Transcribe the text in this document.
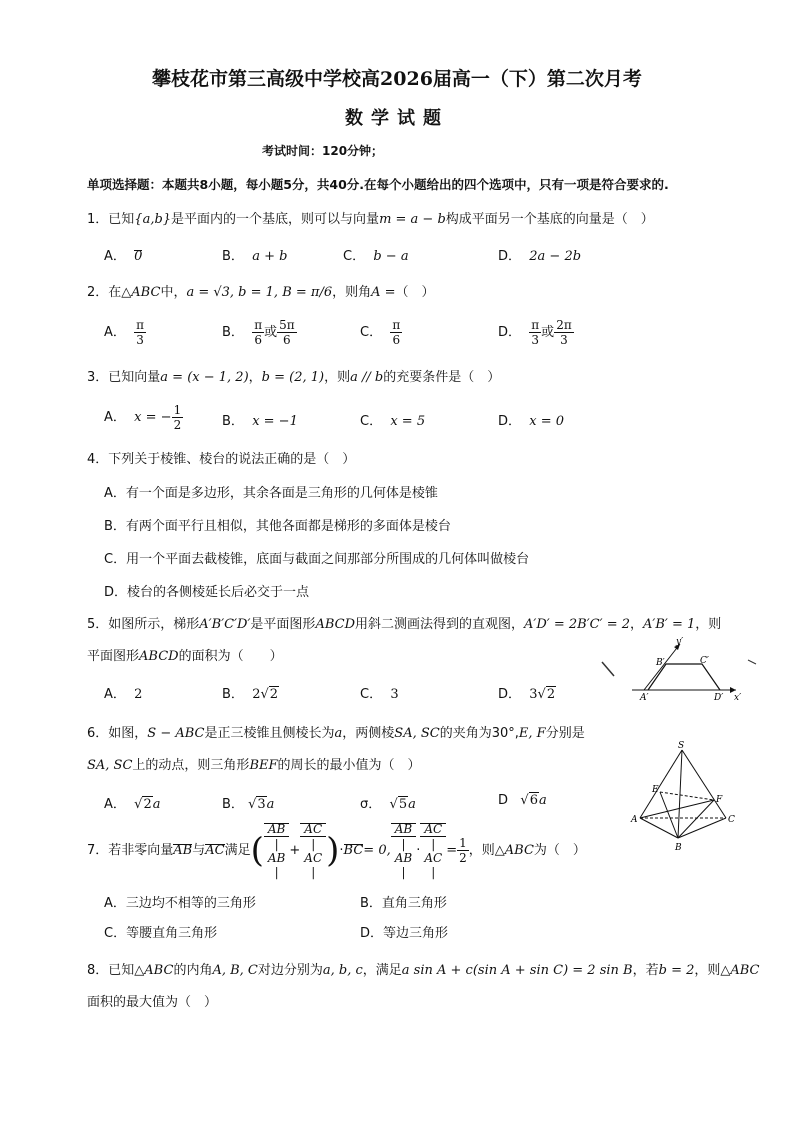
攀枝花市第三高级中学校高2026届高一（下）第二次月考
数学试题
考试时间：120分钟；
单项选择题：本题共8小题，每小题5分，共40分.在每个小题给出的四个选项中，只有一项是符合要求的.
1．已知{a,b}是平面内的一个基底，则可以与向量m = a − b构成平面另一个基底的向量是（　）
A． 0	B． a + b	C． b − a	D． 2a − 2b
2．在△ABC中，a = √3, b = 1, B = π/6，则角A =（　）
A． $\frac{\pi}{3}$	B． $\frac{\pi}{6}$ 或 $\frac{5\pi}{6}$	C． $\frac{\pi}{6}$	D． $\frac{\pi}{3}$ 或 $\frac{2\pi}{3}$
3．已知向量a = (x − 1, 2)，b = (2, 1)，则a // b的充要条件是（　）
A． x = − $\frac{1}{2}$	B． x = −1	C． x = 5	D． x = 0
4．下列关于棱锥、棱台的说法正确的是（　）
A．有一个面是多边形，其余各面是三角形的几何体是棱锥
B．有两个面平行且相似，其他各面都是梯形的多面体是棱台
C．用一个平面去截棱锥，底面与截面之间那部分所围成的几何体叫做棱台
D．棱台的各侧棱延长后必交于一点
5．如图所示，梯形A′B′C′D′是平面图形ABCD用斜二测画法得到的直观图，A′D′ = 2B′C′ = 2，A′B′ = 1，则
平面图形ABCD的面积为（　　）
A． 2	B． 2√2	C． 3	D． 3√2
y′
x′
A′
B′	C′
D′
6．如图，S − ABC是正三棱锥且侧棱长为a，两侧棱SA, SC的夹角为30°,E, F分别是
SA, SC上的动点，则三角形BEF的周长的最小值为（　）
A． √2a	B． √3a	σ． √5a	D √6a
S
E
F
A
B
C
7．若非零向量AB与AC满足( AB
|
AB
| + AC
|
AC
| )·BC= 0, AB
|
AB
| · AC
|
AC
| = $\frac{1}{2}$ ，则△ABC为（　）
A．三边均不相等的三角形	B．直角三角形
C．等腰直角三角形	D．等边三角形
8．已知△ABC的内角A, B, C对边分别为a, b, c，满足a sin A + c(sin A + sin C) = 2 sin B，若b = 2，则△ABC
面积的最大值为（　）
